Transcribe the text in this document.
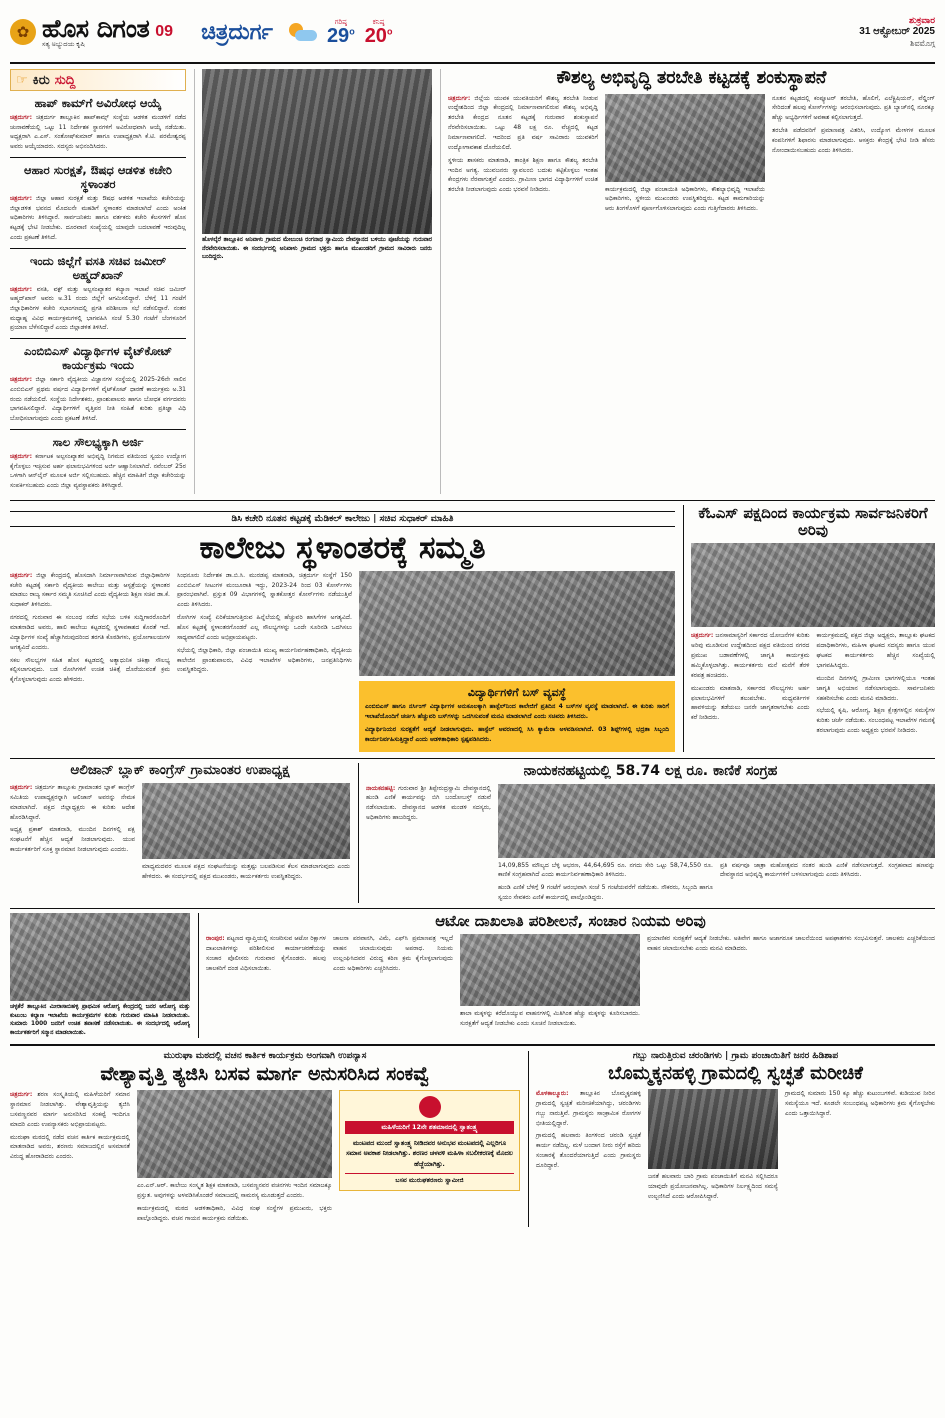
✿ ಹೊಸ ದಿಗಂತ
ಸತ್ಯ ಅಭ್ಯುದಯ ಕೃಷಿ
09 ಚಿತ್ರದುರ್ಗ	ಗರಿಷ್ಠ
29$^o$
ಕನಿಷ್ಠ
20$^o$
ಶುಕ್ರವಾರ
31 ಆಕ್ಟೋಬರ್ 2025
ಶಿವಮೊಗ್ಗ
☞ ಕಿರು ಸುದ್ದಿ
ಹಾಪ್‌ ಕಾಮ್‌ಗೆ ಅವಿರೋಧ ಆಯ್ಕೆ

ಚಿತ್ರದುರ್ಗ: ಚಿತ್ರದುರ್ಗ ತಾಲ್ಲೂಕಿನ ಹಾಪ್‌ಕಾಮ್ಸ್‌ ಸಂಸ್ಥೆಯ ಆಡಳಿತ ಮಂಡಳಿಗೆ ನಡೆದ ಚುನಾವಣೆಯಲ್ಲಿ ಒಟ್ಟು 11 ನಿರ್ದೇಶಕ ಸ್ಥಾನಗಳಿಗೆ ಅವಿರೋಧವಾಗಿ ಆಯ್ಕೆ ನಡೆಯಿತು. ಅಧ್ಯಕ್ಷರಾಗಿ ಎ.ಎಸ್‌. ಸಂತೋಷ್‌ಕುಮಾರ್‌ ಹಾಗೂ ಉಪಾಧ್ಯಕ್ಷರಾಗಿ ಕೆ.ಟಿ. ಪರಮೇಶ್ವರಪ್ಪ ಅವರು ಆಯ್ಕೆಯಾದರು. ಸದಸ್ಯರು ಅಭಿನಂದಿಸಿದರು.

ಆಹಾರ ಸುರಕ್ಷತೆ, ಔಷಧ ಆಡಳಿತ ಕಚೇರಿ ಸ್ಥಳಾಂತರ

ಚಿತ್ರದುರ್ಗ: ಜಿಲ್ಲಾ ಆಹಾರ ಸುರಕ್ಷತೆ ಮತ್ತು ಔಷಧ ಆಡಳಿತ ಇಲಾಖೆಯ ಕಚೇರಿಯನ್ನು ಜಿಲ್ಲಾಡಳಿತ ಭವನದ ಮೊದಲನೇ ಮಹಡಿಗೆ ಸ್ಥಳಾಂತರ ಮಾಡಲಾಗಿದೆ ಎಂದು ಅಂಕಿತ ಅಧಿಕಾರಿಗಳು ತಿಳಿಸಿದ್ದಾರೆ. ಸಾರ್ವಜನಿಕರು ಹಾಗೂ ವರ್ತಕರು ಕಚೇರಿ ಕೆಲಸಗಳಿಗೆ ಹೊಸ ಕಟ್ಟಡಕ್ಕೆ ಭೇಟಿ ನೀಡಬೇಕು. ದೂರವಾಣಿ ಸಂಖ್ಯೆಯಲ್ಲಿ ಯಾವುದೇ ಬದಲಾವಣೆ ಇರುವುದಿಲ್ಲ ಎಂದು ಪ್ರಕಟಣೆ ತಿಳಿಸಿದೆ.

ಇಂದು ಜಿಲ್ಲೆಗೆ ವಸತಿ ಸಚಿವ ಜಮೀರ್‌ ಅಹ್ಮದ್‌ಖಾನ್‌

ಚಿತ್ರದುರ್ಗ: ವಸತಿ, ವಕ್ಫ್‌ ಮತ್ತು ಅಲ್ಪಸಂಖ್ಯಾತರ ಕಲ್ಯಾಣ ಇಲಾಖೆ ಸಚಿವ ಜಮೀರ್‌ ಅಹ್ಮದ್‌ಖಾನ್‌ ಅವರು ಅ.31 ರಂದು ಜಿಲ್ಲೆಗೆ ಆಗಮಿಸಲಿದ್ದಾರೆ. ಬೆಳಿಗ್ಗೆ 11 ಗಂಟೆಗೆ ಜಿಲ್ಲಾಧಿಕಾರಿಗಳ ಕಚೇರಿ ಸಭಾಂಗಣದಲ್ಲಿ ಪ್ರಗತಿ ಪರಿಶೀಲನಾ ಸಭೆ ನಡೆಸಲಿದ್ದಾರೆ. ನಂತರ ಮಧ್ಯಾಹ್ನ ವಿವಿಧ ಕಾರ್ಯಕ್ರಮಗಳಲ್ಲಿ ಭಾಗವಹಿಸಿ ಸಂಜೆ 5.30 ಗಂಟೆಗೆ ಬೆಂಗಳೂರಿಗೆ ಪ್ರಯಾಣ ಬೆಳೆಸಲಿದ್ದಾರೆ ಎಂದು ಜಿಲ್ಲಾಡಳಿತ ತಿಳಿಸಿದೆ.

ಎಂಬಿಬಿಎಸ್‌ ವಿದ್ಯಾರ್ಥಿಗಳ ವೈಟ್‌ಕೋಟ್‌ ಕಾರ್ಯಕ್ರಮ ಇಂದು

ಚಿತ್ರದುರ್ಗ: ಜಿಲ್ಲಾ ಸರ್ಕಾರಿ ವೈದ್ಯಕೀಯ ವಿಜ್ಞಾನಗಳ ಸಂಸ್ಥೆಯಲ್ಲಿ 2025-26ನೇ ಸಾಲಿನ ಎಂಬಿಬಿಎಸ್‌ ಪ್ರಥಮ ವರ್ಷದ ವಿದ್ಯಾರ್ಥಿಗಳಿಗೆ ವೈಟ್‌ಕೋಟ್‌ ಧಾರಣೆ ಕಾರ್ಯಕ್ರಮ ಅ.31 ರಂದು ನಡೆಯಲಿದೆ. ಸಂಸ್ಥೆಯ ನಿರ್ದೇಶಕರು, ಪ್ರಾಂಶುಪಾಲರು ಹಾಗೂ ಬೋಧಕ ವರ್ಗದವರು ಭಾಗವಹಿಸಲಿದ್ದಾರೆ. ವಿದ್ಯಾರ್ಥಿಗಳಿಗೆ ವೃತ್ತಿಪರ ನೀತಿ ಸಂಹಿತೆ ಕುರಿತು ಪ್ರತಿಜ್ಞಾ ವಿಧಿ ಬೋಧಿಸಲಾಗುವುದು ಎಂದು ಪ್ರಕಟಣೆ ತಿಳಿಸಿದೆ.

ಸಾಲ ಸೌಲಭ್ಯಕ್ಕಾಗಿ ಅರ್ಜಿ

ಚಿತ್ರದುರ್ಗ: ಕರ್ನಾಟಕ ಅಲ್ಪಸಂಖ್ಯಾತರ ಅಭಿವೃದ್ಧಿ ನಿಗಮದ ವತಿಯಿಂದ ಸ್ವಯಂ ಉದ್ಯೋಗ ಕೈಗೊಳ್ಳಲು ಇಚ್ಛಿಸುವ ಅರ್ಹ ಫಲಾನುಭವಿಗಳಿಂದ ಅರ್ಜಿ ಆಹ್ವಾನಿಸಲಾಗಿದೆ. ನವೆಂಬರ್‌ 25ರ ಒಳಗಾಗಿ ಆನ್‌ಲೈನ್‌ ಮೂಲಕ ಅರ್ಜಿ ಸಲ್ಲಿಸಬಹುದು. ಹೆಚ್ಚಿನ ಮಾಹಿತಿಗೆ ಜಿಲ್ಲಾ ಕಚೇರಿಯನ್ನು ಸಂಪರ್ಕಿಸಬಹುದು ಎಂದು ಜಿಲ್ಲಾ ವ್ಯವಸ್ಥಾಪಕರು ತಿಳಿಸಿದ್ದಾರೆ.

ಹೊಳಲ್ಕೆರೆ ತಾಲ್ಲೂಕಿನ ಅನಿವಾಳು ಗ್ರಾಮದ ಮೇಲುಂಚಿ ರಂಗನಾಥ ಸ್ವಾಮಿಯ ದೇವಸ್ಥಾನದ ಬಳಿಯು ಪೂಜೆಯನ್ನು ಗುರುವಾರ ನೆರವೇರಿಸಲಾಯಿತು. ಈ ಸಂದರ್ಭದಲ್ಲಿ ಅನಿವಾಳು ಗ್ರಾಮದ ಭಕ್ತರು ಹಾಗೂ ಮುಖಂಡರಿಗೆ ಗ್ರಾಮದ ಸಾವಿರಾರು ಜನರು ಬಂದಿದ್ದರು.
ಕೌಶಲ್ಯ ಅಭಿವೃದ್ಧಿ ತರಬೇತಿ ಕಟ್ಟಡಕ್ಕೆ ಶಂಕುಸ್ಥಾಪನೆ

ಚಿತ್ರದುರ್ಗ: ಜಿಲ್ಲೆಯ ಯುವಕ ಯುವತಿಯರಿಗೆ ಕೌಶಲ್ಯ ತರಬೇತಿ ನೀಡುವ ಉದ್ದೇಶದಿಂದ ಜಿಲ್ಲಾ ಕೇಂದ್ರದಲ್ಲಿ ನಿರ್ಮಾಣವಾಗಲಿರುವ ಕೌಶಲ್ಯ ಅಭಿವೃದ್ಧಿ ತರಬೇತಿ ಕೇಂದ್ರದ ನೂತನ ಕಟ್ಟಡಕ್ಕೆ ಗುರುವಾರ ಶಂಕುಸ್ಥಾಪನೆ ನೆರವೇರಿಸಲಾಯಿತು. ಒಟ್ಟು 48 ಲಕ್ಷ ರೂ. ವೆಚ್ಚದಲ್ಲಿ ಕಟ್ಟಡ ನಿರ್ಮಾಣವಾಗಲಿದೆ. ಇದರಿಂದ ಪ್ರತಿ ವರ್ಷ ಸಾವಿರಾರು ಯುವಕರಿಗೆ ಉದ್ಯೋಗಾವಕಾಶ ದೊರೆಯಲಿದೆ.

ಸ್ಥಳೀಯ ಶಾಸಕರು ಮಾತನಾಡಿ, ತಾಂತ್ರಿಕ ಶಿಕ್ಷಣ ಹಾಗೂ ಕೌಶಲ್ಯ ತರಬೇತಿ ಇಂದಿನ ಅಗತ್ಯ. ಯುವಜನರು ಸ್ವಾವಲಂಬಿ ಬದುಕು ಕಟ್ಟಿಕೊಳ್ಳಲು ಇಂತಹ ಕೇಂದ್ರಗಳು ನೆರವಾಗುತ್ತವೆ ಎಂದರು. ಗ್ರಾಮೀಣ ಭಾಗದ ವಿದ್ಯಾರ್ಥಿಗಳಿಗೆ ಉಚಿತ ತರಬೇತಿ ನೀಡಲಾಗುವುದು ಎಂದು ಭರವಸೆ ನೀಡಿದರು.	ಕಾರ್ಯಕ್ರಮದಲ್ಲಿ ಜಿಲ್ಲಾ ಪಂಚಾಯಿತಿ ಅಧಿಕಾರಿಗಳು, ಕೌಶಲ್ಯಾಭಿವೃದ್ಧಿ ಇಲಾಖೆಯ ಅಧಿಕಾರಿಗಳು, ಸ್ಥಳೀಯ ಮುಖಂಡರು ಉಪಸ್ಥಿತರಿದ್ದರು. ಕಟ್ಟಡ ಕಾಮಗಾರಿಯನ್ನು ಆರು ತಿಂಗಳೊಳಗೆ ಪೂರ್ಣಗೊಳಿಸಲಾಗುವುದು ಎಂದು ಗುತ್ತಿಗೆದಾರರು ತಿಳಿಸಿದರು.

ನೂತನ ಕಟ್ಟಡದಲ್ಲಿ ಕಂಪ್ಯೂಟರ್‌ ತರಬೇತಿ, ಹೊಲಿಗೆ, ಎಲೆಕ್ಟ್ರಿಷಿಯನ್‌, ವೆಲ್ಡಿಂಗ್‌ ಸೇರಿದಂತೆ ಹಲವು ಕೋರ್ಸ್‌ಗಳನ್ನು ಆರಂಭಿಸಲಾಗುವುದು. ಪ್ರತಿ ಬ್ಯಾಚ್‌ನಲ್ಲಿ ನೂರಕ್ಕೂ ಹೆಚ್ಚು ಅಭ್ಯರ್ಥಿಗಳಿಗೆ ಅವಕಾಶ ಕಲ್ಪಿಸಲಾಗುತ್ತದೆ.

ತರಬೇತಿ ಪಡೆದವರಿಗೆ ಪ್ರಮಾಣಪತ್ರ ವಿತರಿಸಿ, ಉದ್ಯೋಗ ಮೇಳಗಳ ಮೂಲಕ ಕಂಪನಿಗಳಿಗೆ ಶಿಫಾರಸು ಮಾಡಲಾಗುವುದು. ಆಸಕ್ತರು ಕೇಂದ್ರಕ್ಕೆ ಭೇಟಿ ನೀಡಿ ಹೆಸರು ನೋಂದಾಯಿಸಬಹುದು ಎಂದು ತಿಳಿಸಿದರು.

ಡಿಸಿ ಕಚೇರಿ ನೂತನ ಕಟ್ಟಡಕ್ಕೆ ಮೆಡಿಕಲ್‌ ಕಾಲೇಜು | ಸಚಿವ ಸುಧಾಕರ್‌ ಮಾಹಿತಿ
ಕಾಲೇಜು ಸ್ಥಳಾಂತರಕ್ಕೆ ಸಮ್ಮತಿ

ಚಿತ್ರದುರ್ಗ: ಜಿಲ್ಲಾ ಕೇಂದ್ರದಲ್ಲಿ ಹೊಸದಾಗಿ ನಿರ್ಮಾಣವಾಗಿರುವ ಜಿಲ್ಲಾಧಿಕಾರಿಗಳ ಕಚೇರಿ ಕಟ್ಟಡಕ್ಕೆ ಸರ್ಕಾರಿ ವೈದ್ಯಕೀಯ ಕಾಲೇಜು ಮತ್ತು ಆಸ್ಪತ್ರೆಯನ್ನು ಸ್ಥಳಾಂತರ ಮಾಡಲು ರಾಜ್ಯ ಸರ್ಕಾರ ಸಮ್ಮತಿ ಸೂಚಿಸಿದೆ ಎಂದು ವೈದ್ಯಕೀಯ ಶಿಕ್ಷಣ ಸಚಿವ ಡಾ.ಕೆ. ಸುಧಾಕರ್‌ ತಿಳಿಸಿದರು.

ನಗರದಲ್ಲಿ ಗುರುವಾರ ಈ ಸಂಬಂಧ ನಡೆದ ಸಭೆಯ ಬಳಿಕ ಸುದ್ದಿಗಾರರೊಂದಿಗೆ ಮಾತನಾಡಿದ ಅವರು, ಹಾಲಿ ಕಾಲೇಜು ಕಟ್ಟಡದಲ್ಲಿ ಸ್ಥಳಾವಕಾಶದ ಕೊರತೆ ಇದೆ. ವಿದ್ಯಾರ್ಥಿಗಳ ಸಂಖ್ಯೆ ಹೆಚ್ಚಾಗಿರುವುದರಿಂದ ತರಗತಿ ಕೊಠಡಿಗಳು, ಪ್ರಯೋಗಾಲಯಗಳ ಅಗತ್ಯವಿದೆ ಎಂದರು.

ಸಕಲ ಸೌಲಭ್ಯಗಳ ಸಹಿತ ಹೊಸ ಕಟ್ಟಡದಲ್ಲಿ ಅತ್ಯಾಧುನಿಕ ಚಿಕಿತ್ಸಾ ಸೌಲಭ್ಯ ಕಲ್ಪಿಸಲಾಗುವುದು. ಬಡ ರೋಗಿಗಳಿಗೆ ಉಚಿತ ಚಿಕಿತ್ಸೆ ದೊರೆಯುವಂತೆ ಕ್ರಮ ಕೈಗೊಳ್ಳಲಾಗುವುದು ಎಂದು ಹೇಳಿದರು.

ಸಿಂಧನೂರು ನಿರ್ದೇಶಕ ಡಾ.ಬಿ.ಸಿ. ಮುರಡಪ್ಪ ಮಾತನಾಡಿ, ಚಿತ್ರದುರ್ಗ ಸಂಸ್ಥೆಗೆ 150 ಎಂಬಿಬಿಎಸ್‌ ಸೀಟುಗಳ ಮಂಜೂರಾತಿ ಇದ್ದು, 2023-24 ರಿಂದ 03 ಕೋರ್ಸ್‌ಗಳು ಪ್ರಾರಂಭವಾಗಿವೆ. ಪ್ರಸ್ತುತ 09 ವಿಭಾಗಗಳಲ್ಲಿ ಸ್ನಾತಕೋತ್ತರ ಕೋರ್ಸ್‌ಗಳು ನಡೆಯುತ್ತಿವೆ ಎಂದು ತಿಳಿಸಿದರು.

ರೋಗಿಗಳ ಸಂಖ್ಯೆ ಏರಿಕೆಯಾಗುತ್ತಿರುವ ಹಿನ್ನೆಲೆಯಲ್ಲಿ ಹೆಚ್ಚುವರಿ ಹಾಸಿಗೆಗಳ ಅಗತ್ಯವಿದೆ. ಹೊಸ ಕಟ್ಟಡಕ್ಕೆ ಸ್ಥಳಾಂತರಗೊಂಡರೆ ಎಲ್ಲ ಸೌಲಭ್ಯಗಳನ್ನು ಒಂದೇ ಸೂರಿನಡಿ ಒದಗಿಸಲು ಸಾಧ್ಯವಾಗಲಿದೆ ಎಂದು ಅಭಿಪ್ರಾಯಪಟ್ಟರು.

ಸಭೆಯಲ್ಲಿ ಜಿಲ್ಲಾಧಿಕಾರಿ, ಜಿಲ್ಲಾ ಪಂಚಾಯಿತಿ ಮುಖ್ಯ ಕಾರ್ಯನಿರ್ವಹಣಾಧಿಕಾರಿ, ವೈದ್ಯಕೀಯ ಕಾಲೇಜಿನ ಪ್ರಾಂಶುಪಾಲರು, ವಿವಿಧ ಇಲಾಖೆಗಳ ಅಧಿಕಾರಿಗಳು, ಜನಪ್ರತಿನಿಧಿಗಳು ಉಪಸ್ಥಿತರಿದ್ದರು.

ವಿದ್ಯಾರ್ಥಿಗಳಿಗೆ ಬಸ್‌ ವ್ಯವಸ್ಥೆ

ಎಂಬಿಬಿಎಸ್‌ ಹಾಗೂ ನರ್ಸಿಂಗ್‌ ವಿದ್ಯಾರ್ಥಿಗಳ ಅನುಕೂಲಕ್ಕಾಗಿ ಹಾಸ್ಟೆಲ್‌ನಿಂದ ಕಾಲೇಜಿಗೆ ಪ್ರತಿದಿನ 4 ಬಸ್‌ಗಳ ವ್ಯವಸ್ಥೆ ಮಾಡಲಾಗಿದೆ. ಈ ಕುರಿತು ಸಾರಿಗೆ ಇಲಾಖೆಯೊಂದಿಗೆ ಚರ್ಚಿಸಿ ಹೆಚ್ಚುವರಿ ಬಸ್‌ಗಳನ್ನು ಒದಗಿಸುವಂತೆ ಮನವಿ ಮಾಡಲಾಗಿದೆ ಎಂದು ಸಚಿವರು ತಿಳಿಸಿದರು.

ವಿದ್ಯಾರ್ಥಿನಿಯರ ಸುರಕ್ಷತೆಗೆ ಆದ್ಯತೆ ನೀಡಲಾಗುವುದು. ಹಾಸ್ಟೆಲ್‌ ಆವರಣದಲ್ಲಿ ಸಿಸಿ ಕ್ಯಾಮೆರಾ ಅಳವಡಿಸಲಾಗಿದೆ. 03 ಶಿಫ್ಟ್‌ಗಳಲ್ಲಿ ಭದ್ರತಾ ಸಿಬ್ಬಂದಿ ಕಾರ್ಯನಿರ್ವಹಿಸುತ್ತಿದ್ದಾರೆ ಎಂದು ಆಡಳಿತಾಧಿಕಾರಿ ಸ್ಪಷ್ಟಪಡಿಸಿದರು.

ಕೆಓಎಸ್‌ ಪಕ್ಷದಿಂದ ಕಾರ್ಯಕ್ರಮ ಸಾರ್ವಜನಿಕರಿಗೆ ಅರಿವು

ಚಿತ್ರದುರ್ಗ: ಜನಸಾಮಾನ್ಯರಿಗೆ ಸರ್ಕಾರದ ಯೋಜನೆಗಳ ಕುರಿತು ಅರಿವು ಮೂಡಿಸುವ ಉದ್ದೇಶದಿಂದ ಪಕ್ಷದ ವತಿಯಿಂದ ನಗರದ ಪ್ರಮುಖ ಬಡಾವಣೆಗಳಲ್ಲಿ ಜಾಗೃತಿ ಕಾರ್ಯಕ್ರಮ ಹಮ್ಮಿಕೊಳ್ಳಲಾಗಿತ್ತು. ಕಾರ್ಯಕರ್ತರು ಮನೆ ಮನೆಗೆ ತೆರಳಿ ಕರಪತ್ರ ಹಂಚಿದರು.

ಮುಖಂಡರು ಮಾತನಾಡಿ, ಸರ್ಕಾರದ ಸೌಲಭ್ಯಗಳು ಅರ್ಹ ಫಲಾನುಭವಿಗಳಿಗೆ ತಲುಪಬೇಕು. ಮಧ್ಯವರ್ತಿಗಳ ಹಾವಳಿಯನ್ನು ತಡೆಯಲು ಜನರೇ ಜಾಗೃತರಾಗಬೇಕು ಎಂದು ಕರೆ ನೀಡಿದರು.

ಕಾರ್ಯಕ್ರಮದಲ್ಲಿ ಪಕ್ಷದ ಜಿಲ್ಲಾ ಅಧ್ಯಕ್ಷರು, ತಾಲ್ಲೂಕು ಘಟಕದ ಪದಾಧಿಕಾರಿಗಳು, ಮಹಿಳಾ ಘಟಕದ ಸದಸ್ಯರು ಹಾಗೂ ಯುವ ಘಟಕದ ಕಾರ್ಯಕರ್ತರು ಹೆಚ್ಚಿನ ಸಂಖ್ಯೆಯಲ್ಲಿ ಭಾಗವಹಿಸಿದ್ದರು.

ಮುಂದಿನ ದಿನಗಳಲ್ಲಿ ಗ್ರಾಮೀಣ ಭಾಗಗಳಲ್ಲಿಯೂ ಇಂತಹ ಜಾಗೃತಿ ಅಭಿಯಾನ ನಡೆಸಲಾಗುವುದು. ಸಾರ್ವಜನಿಕರು ಸಹಕರಿಸಬೇಕು ಎಂದು ಮನವಿ ಮಾಡಿದರು.

ಸಭೆಯಲ್ಲಿ ಕೃಷಿ, ಆರೋಗ್ಯ, ಶಿಕ್ಷಣ ಕ್ಷೇತ್ರಗಳಲ್ಲಿನ ಸಮಸ್ಯೆಗಳ ಕುರಿತು ಚರ್ಚೆ ನಡೆಯಿತು. ಸಂಬಂಧಪಟ್ಟ ಇಲಾಖೆಗಳ ಗಮನಕ್ಕೆ ತರಲಾಗುವುದು ಎಂದು ಅಧ್ಯಕ್ಷರು ಭರವಸೆ ನೀಡಿದರು.

ಆಲಿಜಾನ್‌ ಬ್ಲಾಕ್‌ ಕಾಂಗ್ರೆಸ್‌ ಗ್ರಾಮಾಂತರ ಉಪಾಧ್ಯಕ್ಷ

ಚಿತ್ರದುರ್ಗ: ಚಿತ್ರದುರ್ಗ ತಾಲ್ಲೂಕು ಗ್ರಾಮಾಂತರ ಬ್ಲಾಕ್‌ ಕಾಂಗ್ರೆಸ್‌ ಸಮಿತಿಯ ಉಪಾಧ್ಯಕ್ಷರನ್ನಾಗಿ ಆಲಿಜಾನ್‌ ಅವರನ್ನು ನೇಮಕ ಮಾಡಲಾಗಿದೆ. ಪಕ್ಷದ ಜಿಲ್ಲಾಧ್ಯಕ್ಷರು ಈ ಕುರಿತು ಆದೇಶ ಹೊರಡಿಸಿದ್ದಾರೆ.

ಅಧ್ಯಕ್ಷ ಪ್ರಕಾಶ್‌ ಮಾತನಾಡಿ, ಮುಂದಿನ ದಿನಗಳಲ್ಲಿ ಪಕ್ಷ ಸಂಘಟನೆಗೆ ಹೆಚ್ಚಿನ ಆದ್ಯತೆ ನೀಡಲಾಗುವುದು. ಯುವ ಕಾರ್ಯಕರ್ತರಿಗೆ ಸೂಕ್ತ ಸ್ಥಾನಮಾನ ನೀಡಲಾಗುವುದು ಎಂದರು.

ಮಾಧ್ಯಮದವರ ಮೂಲಕ ಪಕ್ಷದ ಸಂಘಟನೆಯನ್ನು ಮತ್ತಷ್ಟು ಬಲಪಡಿಸುವ ಕೆಲಸ ಮಾಡಲಾಗುವುದು ಎಂದು ಹೇಳಿದರು. ಈ ಸಂದರ್ಭದಲ್ಲಿ ಪಕ್ಷದ ಮುಖಂಡರು, ಕಾರ್ಯಕರ್ತರು ಉಪಸ್ಥಿತರಿದ್ದರು.

ನಾಯಕನಹಟ್ಟಿಯಲ್ಲಿ 58.74 ಲಕ್ಷ ರೂ. ಕಾಣಿಕೆ ಸಂಗ್ರಹ

ನಾಯಕನಹಟ್ಟಿ: ಗುರುವಾರ ಶ್ರೀ ತಿಪ್ಪೇರುದ್ರಸ್ವಾಮಿ ದೇವಸ್ಥಾನದಲ್ಲಿ ಹುಂಡಿ ಎಣಿಕೆ ಕಾರ್ಯವನ್ನು ಬಿಗಿ ಬಂದೋಬಸ್ತ್‌ ನಡುವೆ ನಡೆಸಲಾಯಿತು. ದೇವಸ್ಥಾನದ ಆಡಳಿತ ಮಂಡಳಿ ಸದಸ್ಯರು, ಅಧಿಕಾರಿಗಳು ಹಾಜರಿದ್ದರು.

14,09,855 ಮೌಲ್ಯದ ಬೆಳ್ಳಿ ಆಭರಣ, 44,64,695 ರೂ. ನಗದು ಸೇರಿ ಒಟ್ಟು 58,74,550 ರೂ. ಕಾಣಿಕೆ ಸಂಗ್ರಹವಾಗಿದೆ ಎಂದು ಕಾರ್ಯನಿರ್ವಹಣಾಧಿಕಾರಿ ತಿಳಿಸಿದರು.

ಹುಂಡಿ ಎಣಿಕೆ ಬೆಳಿಗ್ಗೆ 9 ಗಂಟೆಗೆ ಆರಂಭವಾಗಿ ಸಂಜೆ 5 ಗಂಟೆಯವರೆಗೆ ನಡೆಯಿತು. ನೌಕರರು, ಸಿಬ್ಬಂದಿ ಹಾಗೂ ಸ್ವಯಂ ಸೇವಕರು ಎಣಿಕೆ ಕಾರ್ಯದಲ್ಲಿ ಪಾಲ್ಗೊಂಡಿದ್ದರು.

ಪ್ರತಿ ವರ್ಷವೂ ಜಾತ್ರಾ ಮಹೋತ್ಸವದ ನಂತರ ಹುಂಡಿ ಎಣಿಕೆ ನಡೆಸಲಾಗುತ್ತದೆ. ಸಂಗ್ರಹವಾದ ಹಣವನ್ನು ದೇವಸ್ಥಾನದ ಅಭಿವೃದ್ಧಿ ಕಾರ್ಯಗಳಿಗೆ ಬಳಸಲಾಗುವುದು ಎಂದು ತಿಳಿಸಿದರು.

ಚಳ್ಳಕೆರೆ ತಾಲ್ಲೂಕಿನ ಮೀರಾಸಾಬಿಹಳ್ಳಿ ಪ್ರಾಥಮಿಕ ಆರೋಗ್ಯ ಕೇಂದ್ರದಲ್ಲಿ ಜನರ ಆರೋಗ್ಯ ಮತ್ತು ಕುಟುಂಬ ಕಲ್ಯಾಣ ಇಲಾಖೆಯ ಕಾರ್ಯಕ್ರಮಗಳ ಕುರಿತು ಗುರುವಾರ ಮಾಹಿತಿ ನೀಡಲಾಯಿತು. ಸುಮಾರು 1000 ಜನರಿಗೆ ಉಚಿತ ತಪಾಸಣೆ ನಡೆಸಲಾಯಿತು. ಈ ಸಂದರ್ಭದಲ್ಲಿ ಆರೋಗ್ಯ ಕಾರ್ಯಕರ್ತರಿಗೆ ಸನ್ಮಾನ ಮಾಡಲಾಯಿತು.
ಆಟೋ ದಾಖಲಾತಿ ಪರಿಶೀಲನೆ, ಸಂಚಾರ ನಿಯಮ ಅರಿವು

ರಾಂಪುರ: ಪಟ್ಟಣದ ವ್ಯಾಪ್ತಿಯಲ್ಲಿ ಸಂಚರಿಸುವ ಆಟೋ ರಿಕ್ಷಾಗಳ ದಾಖಲಾತಿಗಳನ್ನು ಪರಿಶೀಲಿಸುವ ಕಾರ್ಯಾಚರಣೆಯನ್ನು ಸಂಚಾರ ಪೊಲೀಸರು ಗುರುವಾರ ಕೈಗೊಂಡರು. ಹಲವು ಚಾಲಕರಿಗೆ ದಂಡ ವಿಧಿಸಲಾಯಿತು.

ಚಾಲನಾ ಪರವಾನಗಿ, ವಿಮೆ, ಎಫ್‌ಸಿ ಪ್ರಮಾಣಪತ್ರ ಇಲ್ಲದೆ ವಾಹನ ಚಲಾಯಿಸುವುದು ಅಪರಾಧ. ನಿಯಮ ಉಲ್ಲಂಘಿಸಿದವರ ವಿರುದ್ಧ ಕಠಿಣ ಕ್ರಮ ಕೈಗೊಳ್ಳಲಾಗುವುದು ಎಂದು ಅಧಿಕಾರಿಗಳು ಎಚ್ಚರಿಸಿದರು.

ಶಾಲಾ ಮಕ್ಕಳನ್ನು ಕರೆದೊಯ್ಯುವ ವಾಹನಗಳಲ್ಲಿ ಮಿತಿಗಿಂತ ಹೆಚ್ಚು ಮಕ್ಕಳನ್ನು ಕೂರಿಸಬಾರದು. ಸುರಕ್ಷತೆಗೆ ಆದ್ಯತೆ ನೀಡಬೇಕು ಎಂದು ಸೂಚನೆ ನೀಡಲಾಯಿತು.

ಪ್ರಯಾಣಿಕರ ಸುರಕ್ಷತೆಗೆ ಆದ್ಯತೆ ನೀಡಬೇಕು. ಅತಿವೇಗ ಹಾಗೂ ಅಜಾಗರೂಕ ಚಾಲನೆಯಿಂದ ಅಪಘಾತಗಳು ಸಂಭವಿಸುತ್ತವೆ. ಚಾಲಕರು ಎಚ್ಚರಿಕೆಯಿಂದ ವಾಹನ ಚಲಾಯಿಸಬೇಕು ಎಂದು ಮನವಿ ಮಾಡಿದರು.

ಮುರುಘಾ ಮಠದಲ್ಲಿ ವಚನ ಕಾರ್ತಿಕ ಕಾರ್ಯಕ್ರಮ ಅಂಗವಾಗಿ ಉಪನ್ಯಾಸ
ವೇಶ್ಯಾವೃತ್ತಿ ತ್ಯಜಿಸಿ ಬಸವ ಮಾರ್ಗ ಅನುಸರಿಸಿದ ಸಂಕವ್ವೆ

ಚಿತ್ರದುರ್ಗ: ಶರಣ ಸಂಸ್ಕೃತಿಯಲ್ಲಿ ಮಹಿಳೆಯರಿಗೆ ಸಮಾನ ಸ್ಥಾನಮಾನ ನೀಡಲಾಗಿತ್ತು. ವೇಶ್ಯಾವೃತ್ತಿಯನ್ನು ತ್ಯಜಿಸಿ ಬಸವಣ್ಣನವರ ಮಾರ್ಗ ಅನುಸರಿಸಿದ ಸಂಕವ್ವೆ ಇಂದಿಗೂ ಮಾದರಿ ಎಂದು ಉಪನ್ಯಾಸಕರು ಅಭಿಪ್ರಾಯಪಟ್ಟರು.

ಮುರುಘಾ ಮಠದಲ್ಲಿ ನಡೆದ ವಚನ ಕಾರ್ತಿಕ ಕಾರ್ಯಕ್ರಮದಲ್ಲಿ ಮಾತನಾಡಿದ ಅವರು, ಶರಣರು ಸಮಾಜದಲ್ಲಿನ ಅಸಮಾನತೆ ವಿರುದ್ಧ ಹೋರಾಡಿದರು ಎಂದರು.

ಎಂ.ಎನ್‌.ಆರ್‌. ಕಾಲೇಜು ಸಂಸ್ಕೃತ ಶಿಕ್ಷಕ ಮಾತನಾಡಿ, ಬಸವಣ್ಣನವರ ವಚನಗಳು ಇಂದಿನ ಸಮಾಜಕ್ಕೂ ಪ್ರಸ್ತುತ. ಅವುಗಳನ್ನು ಅಳವಡಿಸಿಕೊಂಡರೆ ಸಮಾಜದಲ್ಲಿ ಸಾಮರಸ್ಯ ಮೂಡುತ್ತದೆ ಎಂದರು.

ಕಾರ್ಯಕ್ರಮದಲ್ಲಿ ಮಠದ ಆಡಳಿತಾಧಿಕಾರಿ, ವಿವಿಧ ಸಂಘ ಸಂಸ್ಥೆಗಳ ಪ್ರಮುಖರು, ಭಕ್ತರು ಪಾಲ್ಗೊಂಡಿದ್ದರು. ವಚನ ಗಾಯನ ಕಾರ್ಯಕ್ರಮ ನಡೆಯಿತು.

ಮಹಿಳೆಯರಿಗೆ 12ನೇ ಶತಮಾನದಲ್ಲಿ ಸ್ವಾತಂತ್ರ್ಯ
ಮಂಟಪದ ಮುಂದೆ ಸ್ವಾತಂತ್ರ್ಯ ನೀಡಿದವರ ಅನುಭವ ಮಂಟಪದಲ್ಲಿ ಎಲ್ಲರಿಗೂ ಸಮಾನ ಅವಕಾಶ ನೀಡಲಾಗಿತ್ತು. ಶರಣರ ಚಳವಳಿ ಮಹಿಳಾ ಸಬಲೀಕರಣಕ್ಕೆ ಮೊದಲ ಹೆಜ್ಜೆಯಾಗಿತ್ತು.
ಬಸವ ಮುರುಘಶರಣರು ಸ್ವಾಮೀಜಿ
ಗಬ್ಬು ನಾರುತ್ತಿರುವ ಚರಂಡಿಗಳು | ಗ್ರಾಮ ಪಂಚಾಯಿತಿಗೆ ಜನರ ಹಿಡಿಶಾಪ
ಬೊಮ್ಮಕ್ಕನಹಳ್ಳಿ ಗ್ರಾಮದಲ್ಲಿ ಸ್ವಚ್ಛತೆ ಮರೀಚಿಕೆ

ಮೊಳಕಾಲ್ಮೂರು: ತಾಲ್ಲೂಕಿನ ಬೊಮ್ಮಕ್ಕನಹಳ್ಳಿ ಗ್ರಾಮದಲ್ಲಿ ಸ್ವಚ್ಛತೆ ಮರೀಚಿಕೆಯಾಗಿದ್ದು, ಚರಂಡಿಗಳು ಗಬ್ಬು ನಾರುತ್ತಿವೆ. ಗ್ರಾಮಸ್ಥರು ಸಾಂಕ್ರಾಮಿಕ ರೋಗಗಳ ಭೀತಿಯಲ್ಲಿದ್ದಾರೆ.

ಗ್ರಾಮದಲ್ಲಿ ಹಲವಾರು ತಿಂಗಳಿಂದ ಚರಂಡಿ ಸ್ವಚ್ಛತೆ ಕಾರ್ಯ ನಡೆದಿಲ್ಲ. ಮಳೆ ಬಂದಾಗ ನೀರು ರಸ್ತೆಗೆ ಹರಿದು ಸಂಚಾರಕ್ಕೆ ತೊಂದರೆಯಾಗುತ್ತಿದೆ ಎಂದು ಗ್ರಾಮಸ್ಥರು ದೂರಿದ್ದಾರೆ.

ಜನತೆ ಹಲವಾರು ಬಾರಿ ಗ್ರಾಮ ಪಂಚಾಯಿತಿಗೆ ಮನವಿ ಸಲ್ಲಿಸಿದರೂ ಯಾವುದೇ ಪ್ರಯೋಜನವಾಗಿಲ್ಲ. ಅಧಿಕಾರಿಗಳ ನಿರ್ಲಕ್ಷ್ಯದಿಂದ ಸಮಸ್ಯೆ ಉಲ್ಬಣಿಸಿದೆ ಎಂದು ಆರೋಪಿಸಿದ್ದಾರೆ.

ಗ್ರಾಮದಲ್ಲಿ ಸುಮಾರು 150 ಕ್ಕೂ ಹೆಚ್ಚು ಕುಟುಂಬಗಳಿವೆ. ಕುಡಿಯುವ ನೀರಿನ ಸಮಸ್ಯೆಯೂ ಇದೆ. ಕೂಡಲೇ ಸಂಬಂಧಪಟ್ಟ ಅಧಿಕಾರಿಗಳು ಕ್ರಮ ಕೈಗೊಳ್ಳಬೇಕು ಎಂದು ಒತ್ತಾಯಿಸಿದ್ದಾರೆ.
